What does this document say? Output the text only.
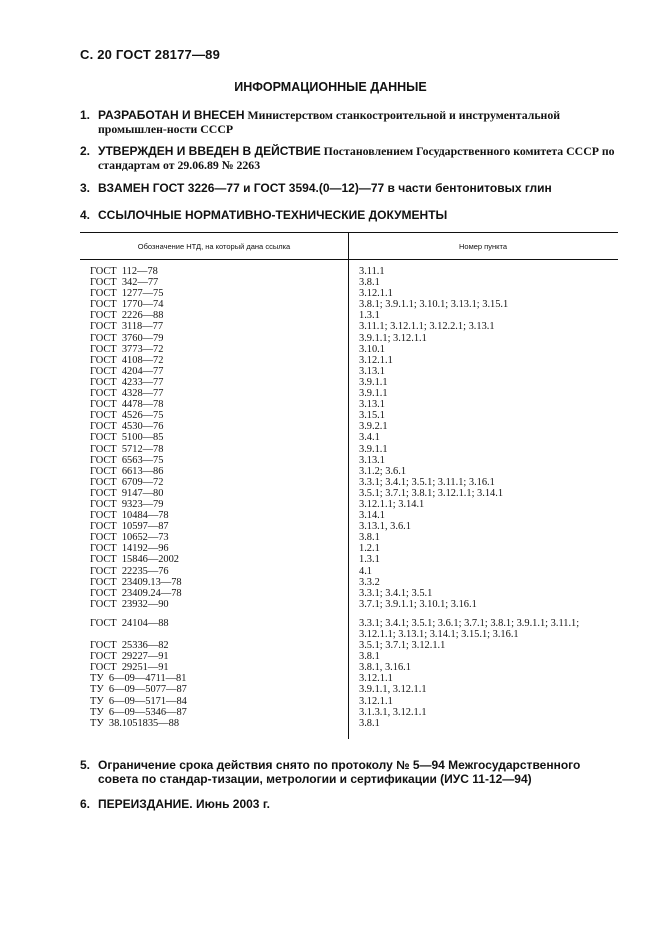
С. 20 ГОСТ 28177—89
ИНФОРМАЦИОННЫЕ ДАННЫЕ
1. РАЗРАБОТАН И ВНЕСЕН Министерством станкостроительной и инструментальной промышлен-ности СССР
2. УТВЕРЖДЕН И ВВЕДЕН В ДЕЙСТВИЕ Постановлением Государственного комитета СССР по стандартам от 29.06.89 № 2263
3. ВЗАМЕН ГОСТ 3226—77 и ГОСТ 3594.(0—12)—77 в части бентонитовых глин
4. ССЫЛОЧНЫЕ НОРМАТИВНО-ТЕХНИЧЕСКИЕ ДОКУМЕНТЫ
Обозначение НТД, на который дана ссылка	Номер пункта
ГОСТ  112—78	3.11.1
ГОСТ  342—77	3.8.1
ГОСТ  1277—75	3.12.1.1
ГОСТ  1770—74	3.8.1; 3.9.1.1; 3.10.1; 3.13.1; 3.15.1
ГОСТ  2226—88	1.3.1
ГОСТ  3118—77	3.11.1; 3.12.1.1; 3.12.2.1; 3.13.1
ГОСТ  3760—79	3.9.1.1; 3.12.1.1
ГОСТ  3773—72	3.10.1
ГОСТ  4108—72	3.12.1.1
ГОСТ  4204—77	3.13.1
ГОСТ  4233—77	3.9.1.1
ГОСТ  4328—77	3.9.1.1
ГОСТ  4478—78	3.13.1
ГОСТ  4526—75	3.15.1
ГОСТ  4530—76	3.9.2.1
ГОСТ  5100—85	3.4.1
ГОСТ  5712—78	3.9.1.1
ГОСТ  6563—75	3.13.1
ГОСТ  6613—86	3.1.2; 3.6.1
ГОСТ  6709—72	3.3.1; 3.4.1; 3.5.1; 3.11.1; 3.16.1
ГОСТ  9147—80	3.5.1; 3.7.1; 3.8.1; 3.12.1.1; 3.14.1
ГОСТ  9323—79	3.12.1.1; 3.14.1
ГОСТ  10484—78	3.14.1
ГОСТ  10597—87	3.13.1, 3.6.1
ГОСТ  10652—73	3.8.1
ГОСТ  14192—96	1.2.1
ГОСТ  15846—2002	1.3.1
ГОСТ  22235—76	4.1
ГОСТ  23409.13—78	3.3.2
ГОСТ  23409.24—78	3.3.1; 3.4.1; 3.5.1
ГОСТ  23932—90	3.7.1; 3.9.1.1; 3.10.1; 3.16.1
ГОСТ  24104—88	3.3.1; 3.4.1; 3.5.1; 3.6.1; 3.7.1; 3.8.1; 3.9.1.1; 3.11.1; 3.12.1.1; 3.13.1; 3.14.1; 3.15.1; 3.16.1
ГОСТ  25336—82	3.5.1; 3.7.1; 3.12.1.1
ГОСТ  29227—91	3.8.1
ГОСТ  29251—91	3.8.1, 3.16.1
ТУ  6—09—4711—81	3.12.1.1
ТУ  6—09—5077—87	3.9.1.1, 3.12.1.1
ТУ  6—09—5171—84	3.12.1.1
ТУ  6—09—5346—87	3.1.3.1, 3.12.1.1
ТУ  38.1051835—88	3.8.1
5. Ограничение срока действия снято по протоколу № 5—94 Межгосударственного совета по стандар-тизации, метрологии и сертификации (ИУС 11-12—94)
6. ПЕРЕИЗДАНИЕ. Июнь 2003 г.
